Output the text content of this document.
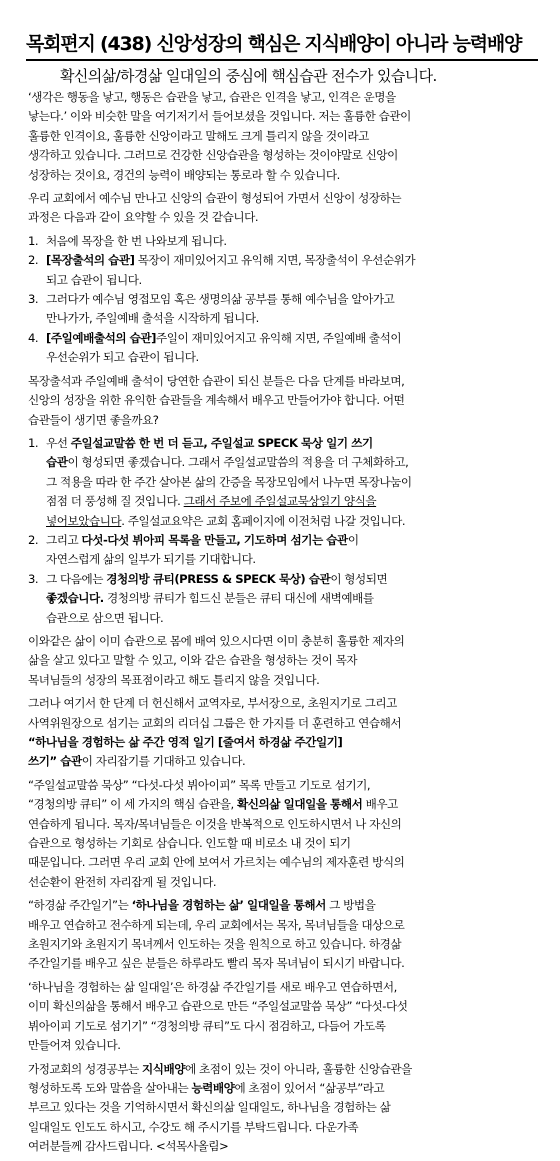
목회편지 (438) 신앙성장의 핵심은 지식배양이 아니라 능력배양
확신의삶/하경삶 일대일의 중심에 핵심습관 전수가 있습니다.
‘생각은 행동을 낳고, 행동은 습관을 낳고, 습관은 인격을 낳고, 인격은 운명을
낳는다.’ 이와 비슷한 말을 여기저기서 들어보셨을 것입니다. 저는 훌륭한 습관이
훌륭한 인격이요, 훌륭한 신앙이라고 말해도 크게 틀리지 않을 것이라고
생각하고 있습니다. 그러므로 건강한 신앙습관을 형성하는 것이야말로 신앙이
성장하는 것이요, 경건의 능력이 배양되는 통로라 할 수 있습니다.
우리 교회에서 예수님 만나고 신앙의 습관이 형성되어 가면서 신앙이 성장하는
과정은 다음과 같이 요약할 수 있을 것 같습니다.
1. 처음에 목장을 한 번 나와보게 됩니다.
2. [목장출석의 습관] 목장이 재미있어지고 유익해 지면, 목장출석이 우선순위가
되고 습관이 됩니다.
3. 그러다가 예수님 영접모임 혹은 생명의삶 공부를 통해 예수님을 알아가고
만나가가, 주일예배 출석을 시작하게 됩니다.
4. [주일예배출석의 습관]주일이 재미있어지고 유익해 지면, 주일예배 출석이
우선순위가 되고 습관이 됩니다.
목장출석과 주일예배 출석이 당연한 습관이 되신 분들은 다음 단계를 바라보며,
신앙의 성장을 위한 유익한 습관들을 계속해서 배우고 만들어가야 합니다. 어떤
습관들이 생기면 좋을까요?
1. 우선 주일설교말씀 한 번 더 듣고, 주일설교 SPECK 묵상 일기 쓰기
습관이 형성되면 좋겠습니다. 그래서 주일설교말씀의 적용을 더 구체화하고,
그 적용을 따라 한 주간 살아본 삶의 간증을 목장모임에서 나누면 목장나눔이
점점 더 풍성해 질 것입니다. 그래서 주보에 주일설교묵상일기 양식을
넣어보았습니다. 주일설교요약은 교회 홈페이지에 이전처럼 나갈 것입니다.
2. 그리고 다섯-다섯 뷔아피 목록을 만들고, 기도하며 섬기는 습관이
자연스럽게 삶의 일부가 되기를 기대합니다.
3. 그 다음에는 경청의방 큐티(PRESS & SPECK 묵상) 습관이 형성되면
좋겠습니다. 경청의방 큐티가 힘드신 분들은 큐티 대신에 새벽예배를
습관으로 삼으면 됩니다.
이와같은 삶이 이미 습관으로 몸에 배여 있으시다면 이미 충분히 훌륭한 제자의
삶을 살고 있다고 말할 수 있고, 이와 같은 습관을 형성하는 것이 목자
목녀님들의 성장의 목표점이라고 해도 틀리지 않을 것입니다.
그러나 여기서 한 단계 더 헌신해서 교역자로, 부서장으로, 초원지기로 그리고
사역위원장으로 섬기는 교회의 리더십 그룹은 한 가지를 더 훈련하고 연습해서
“하나님을 경험하는 삶 주간 영적 일기 [줄여서 하경삶 주간일기]
쓰기” 습관이 자리잡기를 기대하고 있습니다.
“주일설교말씀 묵상” “다섯-다섯 뷔아이피” 목록 만들고 기도로 섬기기,
“경청의방 큐티” 이 세 가지의 핵심 습관을, 확신의삶 일대일을 통해서 배우고
연습하게 됩니다. 목자/목녀님들은 이것을 반복적으로 인도하시면서 나 자신의
습관으로 형성하는 기회로 삼습니다. 인도할 때 비로소 내 것이 되기
때문입니다. 그러면 우리 교회 안에 보여서 가르치는 예수님의 제자훈련 방식의
선순환이 완전히 자리잡게 될 것입니다.
“하경삶 주간일기”는 ‘하나님을 경험하는 삶’ 일대일을 통해서 그 방법을
배우고 연습하고 전수하게 되는데, 우리 교회에서는 목자, 목녀님들을 대상으로
초원지기와 초원지기 목녀께서 인도하는 것을 원칙으로 하고 있습니다. 하경삶
주간일기를 배우고 싶은 분들은 하루라도 빨리 목자 목녀님이 되시기 바랍니다.
‘하나님을 경험하는 삶 일대일’은 하경삶 주간일기를 새로 배우고 연습하면서,
이미 확신의삶을 통해서 배우고 습관으로 만든 “주일설교말씀 묵상” “다섯-다섯
뷔아이피 기도로 섬기기” “경청의방 큐티”도 다시 점검하고, 다듬어 가도록
만들어져 있습니다.
가정교회의 성경공부는 지식배양에 초점이 있는 것이 아니라, 훌륭한 신앙습관을
형성하도록 도와 말씀을 살아내는 능력배양에 초점이 있어서 “삶공부”라고
부르고 있다는 것을 기억하시면서 확신의삶 일대일도, 하나님을 경험하는 삶
일대일도 인도도 하시고, 수강도 해 주시기를 부탁드립니다. 다운가족
여러분들께 감사드립니다. <석목사올림>
